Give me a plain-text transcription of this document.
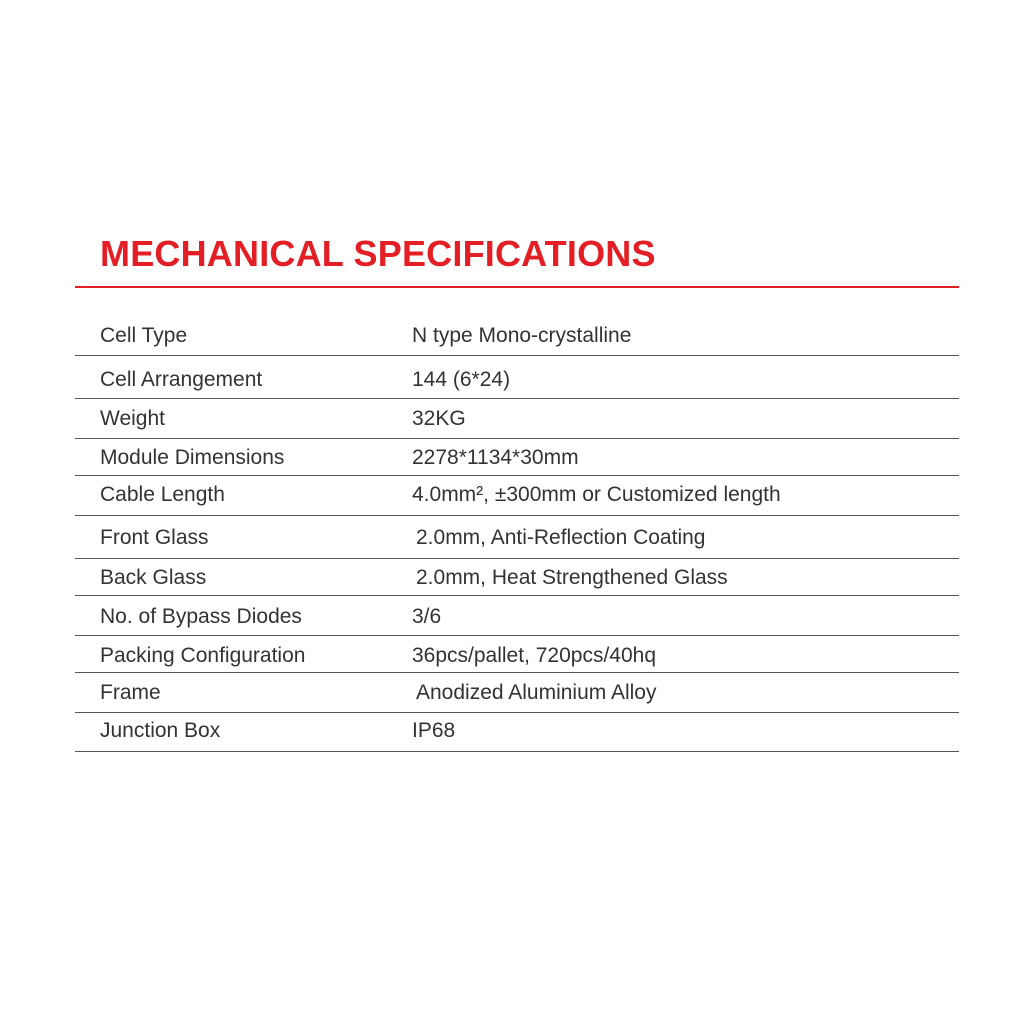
MECHANICAL SPECIFICATIONS
Cell Type	N type Mono-crystalline
Cell Arrangement	144 (6*24)
Weight	32KG
Module Dimensions	2278*1134*30mm
Cable Length	4.0mm², ±300mm or Customized length
Front Glass	2.0mm, Anti-Reflection Coating
Back Glass	2.0mm, Heat Strengthened Glass
No. of Bypass Diodes	3/6
Packing Configuration	36pcs/pallet, 720pcs/40hq
Frame	Anodized Aluminium Alloy
Junction Box	IP68
